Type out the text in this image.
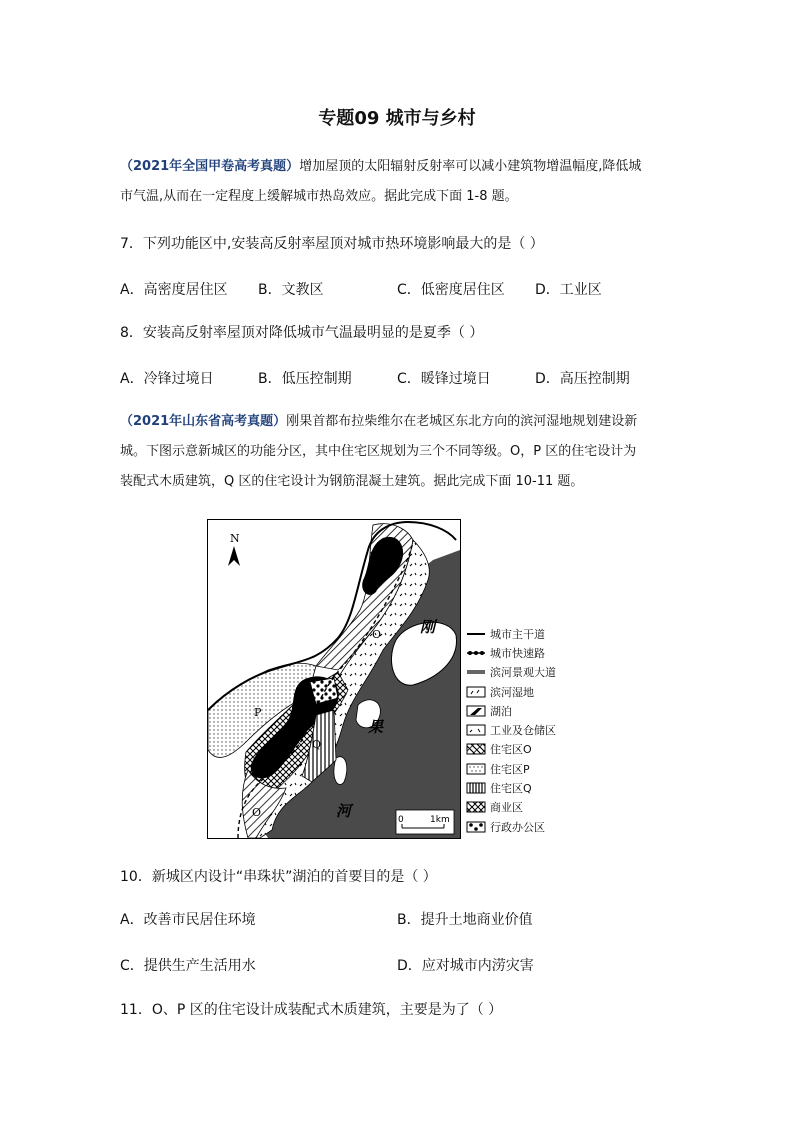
专题09 城市与乡村
（2021年全国甲卷高考真题）增加屋顶的太阳辐射反射率可以减小建筑物增温幅度,降低城
市气温,从而在一定程度上缓解城市热岛效应。据此完成下面 1-8 题。
7．下列功能区中,安装高反射率屋顶对城市热环境影响最大的是（ ）
A．高密度居住区 B．文教区	C．低密度居住区 D．工业区
8．安装高反射率屋顶对降低城市气温最明显的是夏季（ ）
A．冷锋过境日	B．低压控制期	C．暖锋过境日	D．高压控制期
（2021年山东省高考真题）刚果首都布拉柴维尔在老城区东北方向的滨河湿地规划建设新
城。下图示意新城区的功能分区，其中住宅区规划为三个不同等级。O，P 区的住宅设计为
装配式木质建筑，Q 区的住宅设计为钢筋混凝土建筑。据此完成下面 10-11 题。
N
刚
果
河
O
O
P
Q
0	1km
城市主干道
城市快速路
滨河景观大道
滨河湿地
湖泊
工业及仓储区
住宅区O
住宅区P
住宅区Q
商业区
行政办公区
10．新城区内设计“串珠状”湖泊的首要目的是（ ）
A．改善市民居住环境	B．提升土地商业价值
C．提供生产生活用水	D．应对城市内涝灾害
11．O、P 区的住宅设计成装配式木质建筑，主要是为了（ ）
